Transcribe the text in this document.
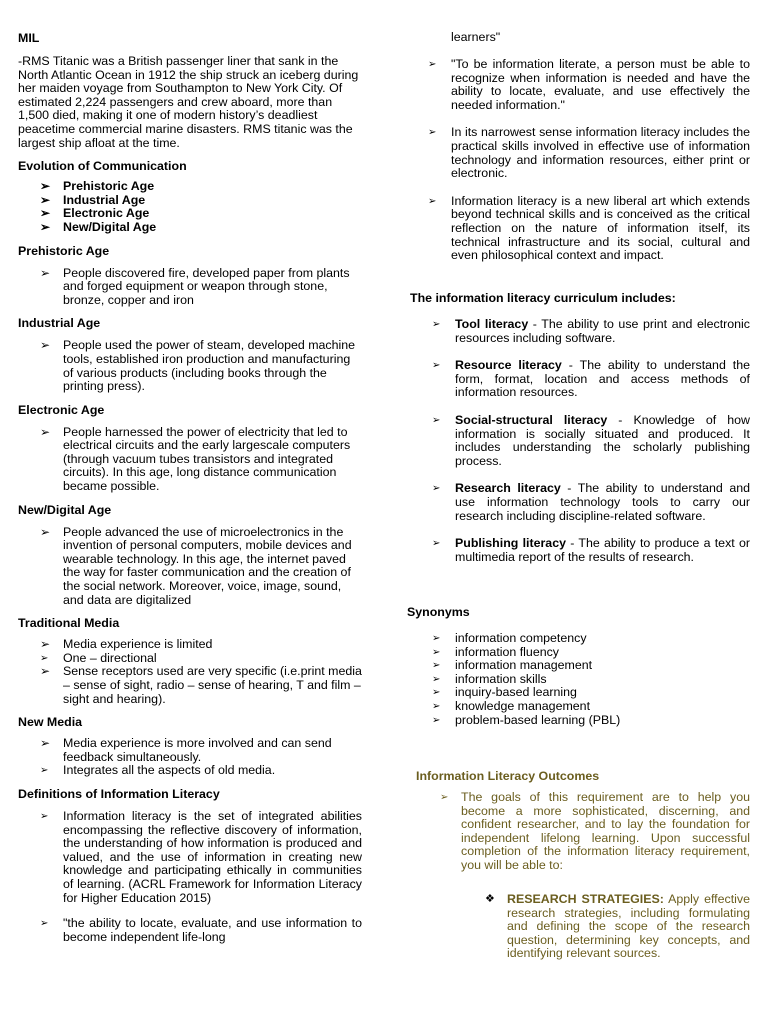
MIL

-RMS Titanic was a British passenger liner that sank in the North Atlantic Ocean in 1912 the ship struck an iceberg during her maiden voyage from Southampton to New York City. Of estimated 2,224 passengers and crew aboard, more than 1,500 died, making it one of modern history’s deadliest peacetime commercial marine disasters. RMS titanic was the largest ship afloat at the time.

Evolution of Communication
➢ Prehistoric Age
➢ Industrial Age
➢ Electronic Age
➢ New/Digital Age
Prehistoric Age
➢ People discovered fire, developed paper from plants and forged equipment or weapon through stone, bronze, copper and iron
Industrial Age
➢ People used the power of steam, developed machine tools, established iron production and manufacturing of various products (including books through the printing press).
Electronic Age
➢ People harnessed the power of electricity that led to electrical circuits and the early largescale computers (through vacuum tubes transistors and integrated circuits). In this age, long distance communication became possible.
New/Digital Age
➢ People advanced the use of microelectronics in the invention of personal computers, mobile devices and wearable technology. In this age, the internet paved the way for faster communication and the creation of the social network. Moreover, voice, image, sound, and data are digitalized
Traditional Media
➢ Media experience is limited
➢ One – directional
➢ Sense receptors used are very specific (i.e.print media – sense of sight, radio – sense of hearing, T and film – sight and hearing).
New Media
➢ Media experience is more involved and can send feedback simultaneously.
➢ Integrates all the aspects of old media.
Definitions of Information Literacy
➢ Information literacy is the set of integrated abilities encompassing the reflective discovery of information, the understanding of how information is produced and valued, and the use of information in creating new knowledge and participating ethically in communities of learning. (ACRL Framework for Information Literacy for Higher Education 2015)
➢ "the ability to locate, evaluate, and use information to become independent life-long

learners"

➢ "To be information literate, a person must be able to recognize when information is needed and have the ability to locate, evaluate, and use effectively the needed information."
➢ In its narrowest sense information literacy includes the practical skills involved in effective use of information technology and information resources, either print or electronic.
➢ Information literacy is a new liberal art which extends beyond technical skills and is conceived as the critical reflection on the nature of information itself, its technical infrastructure and its social, cultural and even philosophical context and impact.
The information literacy curriculum includes:
➢ Tool literacy - The ability to use print and electronic resources including software.
➢ Resource literacy - The ability to understand the form, format, location and access methods of information resources.
➢ Social-structural literacy - Knowledge of how information is socially situated and produced. It includes understanding the scholarly publishing process.
➢ Research literacy - The ability to understand and use information technology tools to carry our research including discipline-related software.
➢ Publishing literacy - The ability to produce a text or multimedia report of the results of research.
Synonyms
➢ information competency
➢ information fluency
➢ information management
➢ information skills
➢ inquiry-based learning
➢ knowledge management
➢ problem-based learning (PBL)
Information Literacy Outcomes
➢ The goals of this requirement are to help you become a more sophisticated, discerning, and confident researcher, and to lay the foundation for independent lifelong learning. Upon successful completion of the information literacy requirement, you will be able to:
❖ RESEARCH STRATEGIES: Apply effective research strategies, including formulating and defining the scope of the research question, determining key concepts, and identifying relevant sources.
